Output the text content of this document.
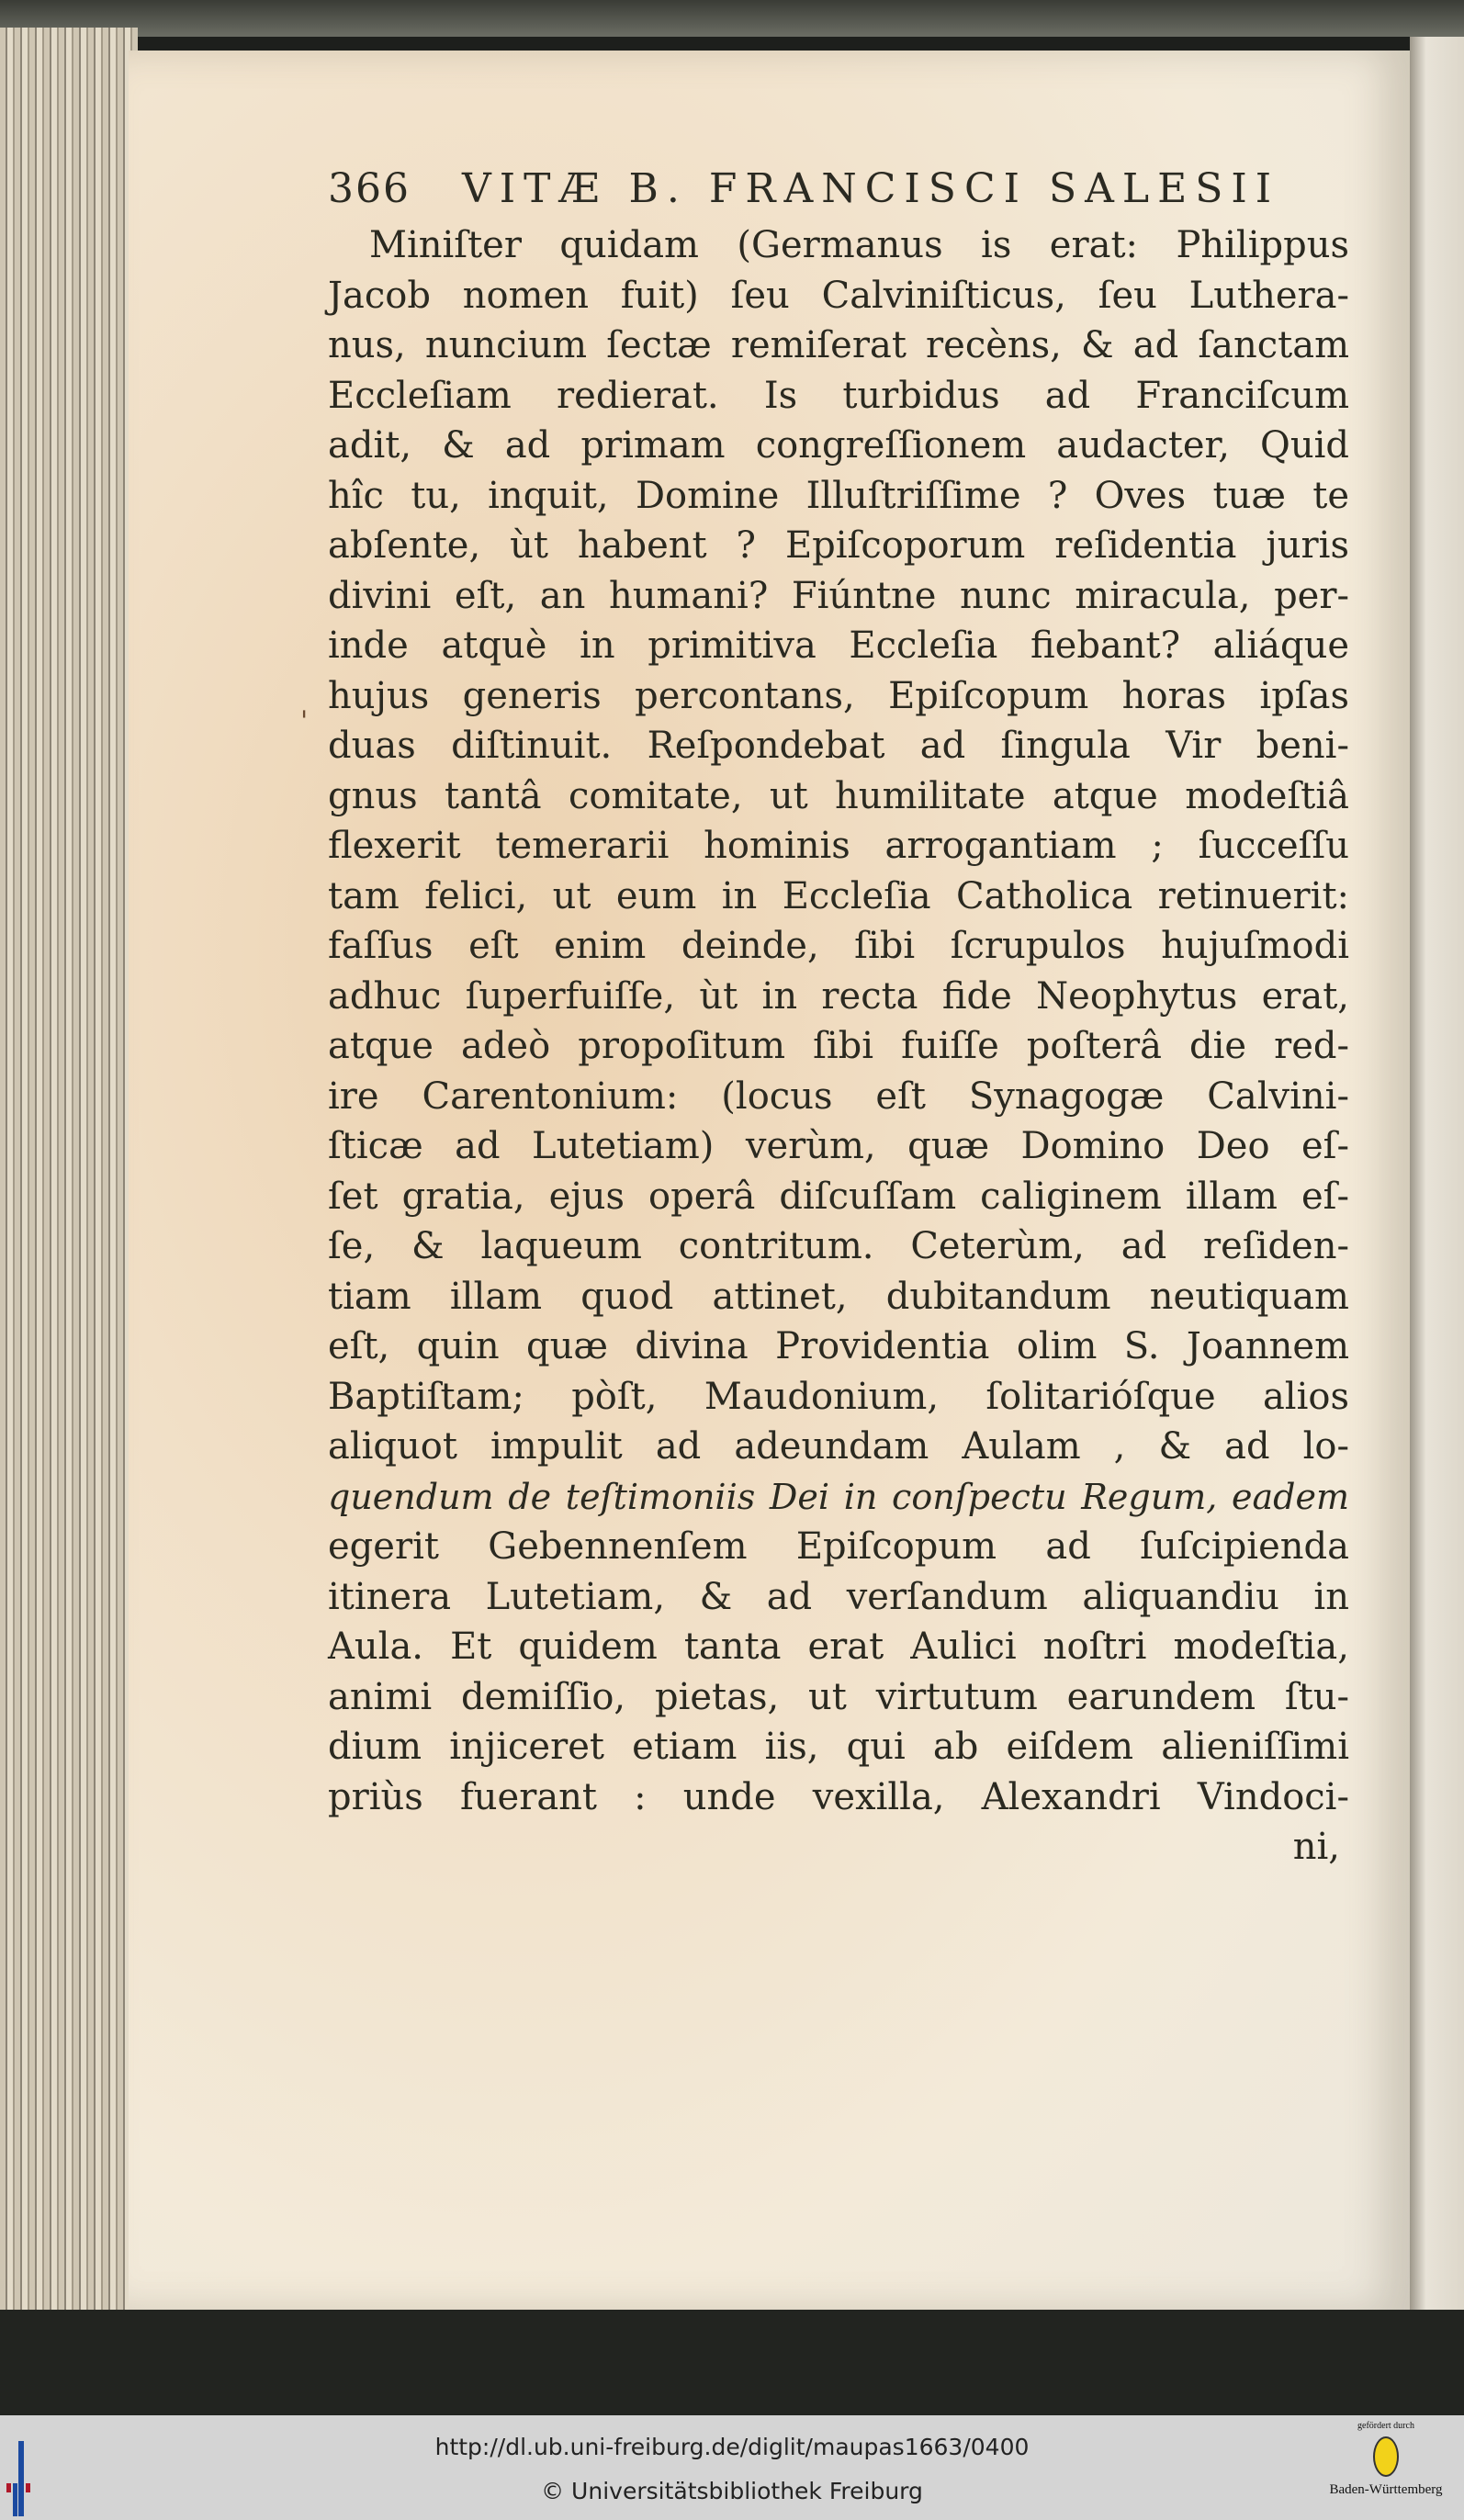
366 VITÆ B. FRANCISCI SALESII
'
Miniſter quidam (Germanus is erat: Philippus
Jacob nomen fuit) ſeu Calviniſticus, ſeu Luthera-
nus, nuncium ſectæ remiſerat recèns, & ad ſanctam
Eccleſiam redierat. Is turbidus ad Franciſcum
adit, & ad primam congreſſionem audacter, Quid
hîc tu, inquit, Domine Illuſtriſſime ? Oves tuæ te
abſente, ùt habent ? Epiſcoporum reſidentia juris
divini eſt, an humani? Fiúntne nunc miracula, per-
inde atquè in primitiva Eccleſia fiebant? aliáque
hujus generis percontans, Epiſcopum horas ipſas
duas diſtinuit. Reſpondebat ad ſingula Vir beni-
gnus tantâ comitate, ut humilitate atque modeſtiâ
flexerit temerarii hominis arrogantiam ; ſucceſſu
tam felici, ut eum in Eccleſia Catholica retinuerit:
faſſus eſt enim deinde, ſibi ſcrupulos hujuſmodi
adhuc ſuperfuiſſe, ùt in recta fide Neophytus erat,
atque adeò propoſitum ſibi fuiſſe poſterâ die red-
ire Carentonium: (locus eſt Synagogæ Calvini-
ſticæ ad Lutetiam) verùm, quæ Domino Deo eſ-
ſet gratia, ejus operâ diſcuſſam caliginem illam eſ-
ſe, & laqueum contritum. Ceterùm, ad reſiden-
tiam illam quod attinet, dubitandum neutiquam
eſt, quin quæ divina Providentia olim S. Joannem
Baptiſtam; pòſt, Maudonium, ſolitarióſque alios
aliquot impulit ad adeundam Aulam , & ad lo-
quendum de teſtimoniis Dei in conſpectu Regum, eadem
egerit Gebennenſem Epiſcopum ad ſuſcipienda
itinera Lutetiam, & ad verſandum aliquandiu in
Aula. Et quidem tanta erat Aulici noſtri modeſtia,
animi demiſſio, pietas, ut virtutum earundem ſtu-
dium injiceret etiam iis, qui ab eiſdem alieniſſimi
priùs fuerant : unde vexilla, Alexandri Vindoci-
ni,
http://dl.ub.uni-freiburg.de/diglit/maupas1663/0400
© Universitätsbibliothek Freiburg
gefördert durch
Baden-Württemberg
